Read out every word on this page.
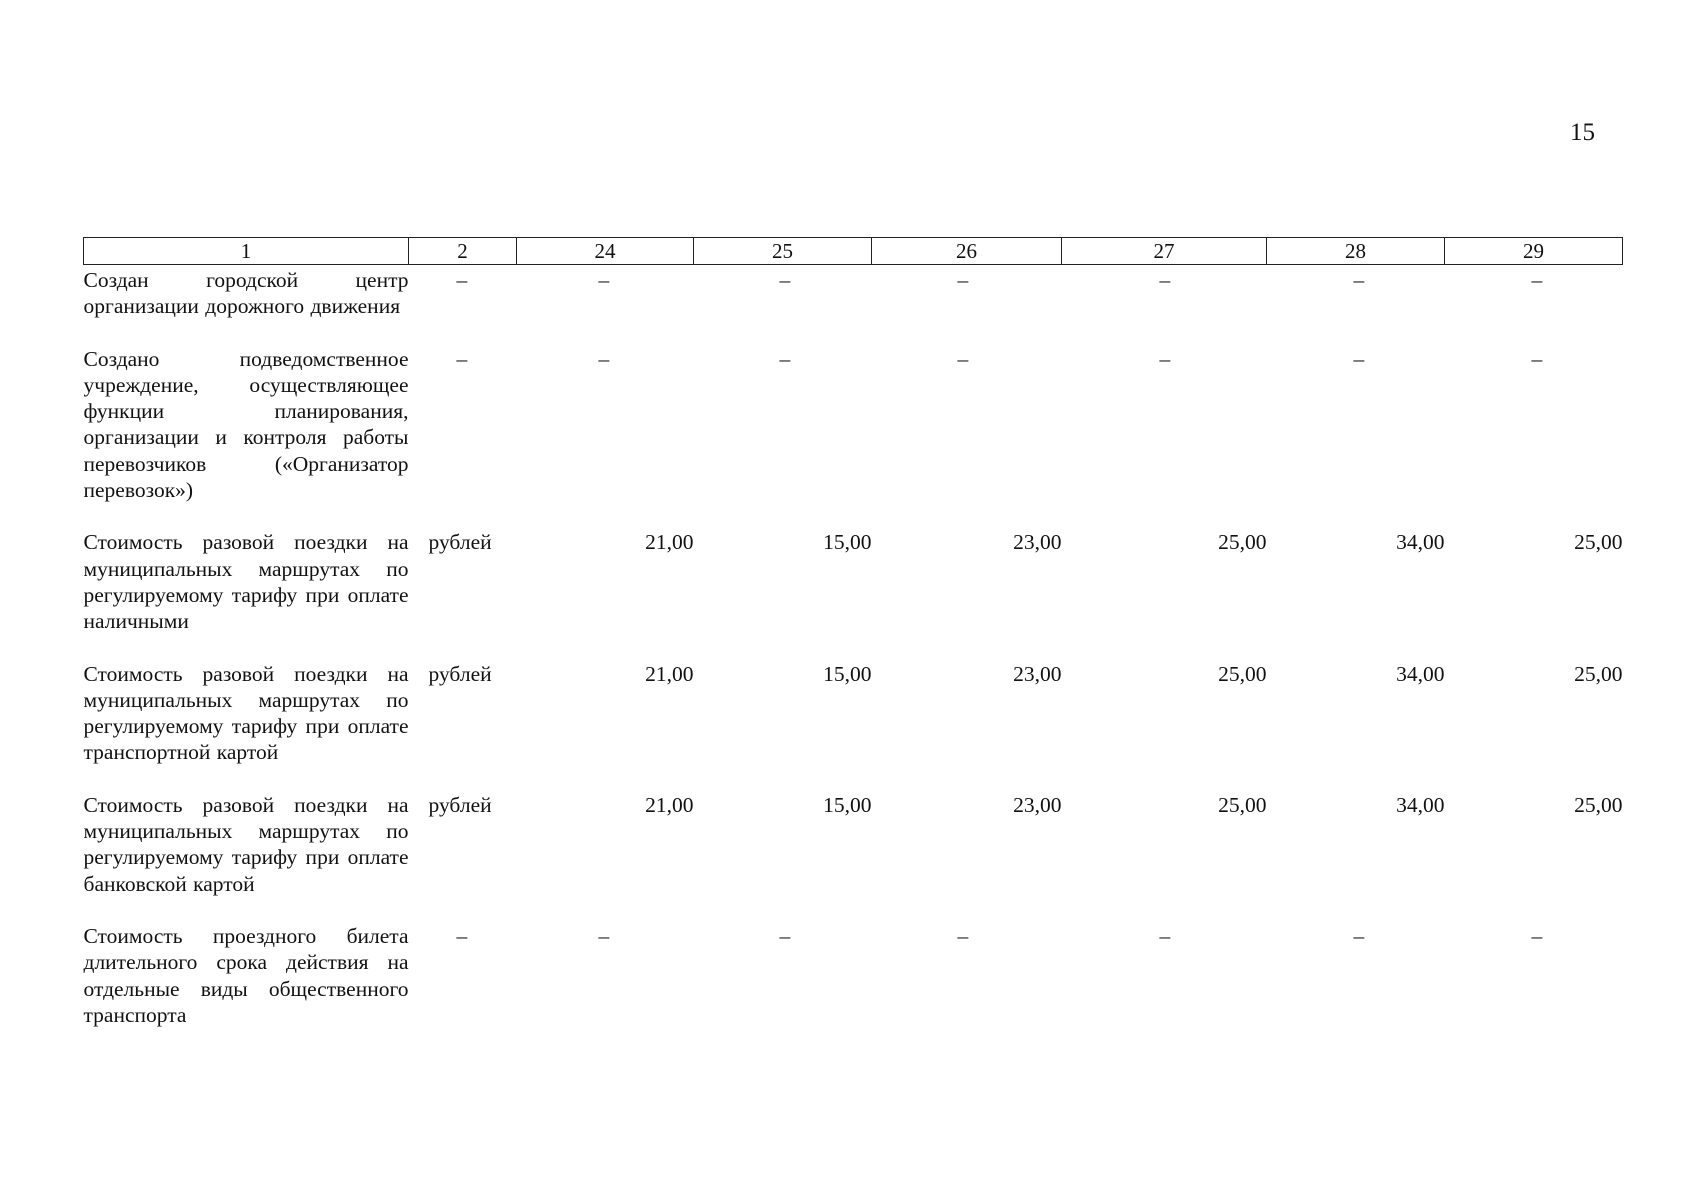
15
1	2	24	25	26	27	28	29
Создан городской центр организации дорожного движения	–	–	–	–	–	–	–
Создано подведомственное учреждение, осуществляющее функции планирования, организации и контроля работы перевозчиков («Организатор перевозок»)	–	–	–	–	–	–	–
Стоимость разовой поездки на муниципальных маршрутах по регулируемому тарифу при оплате наличными	рублей	21,00	15,00	23,00	25,00	34,00	25,00
Стоимость разовой поездки на муниципальных маршрутах по регулируемому тарифу при оплате транспортной картой	рублей	21,00	15,00	23,00	25,00	34,00	25,00
Стоимость разовой поездки на муниципальных маршрутах по регулируемому тарифу при оплате банковской картой	рублей	21,00	15,00	23,00	25,00	34,00	25,00
Стоимость проездного билета длительного срока действия на отдельные виды общественного транспорта	–	–	–	–	–	–	–
